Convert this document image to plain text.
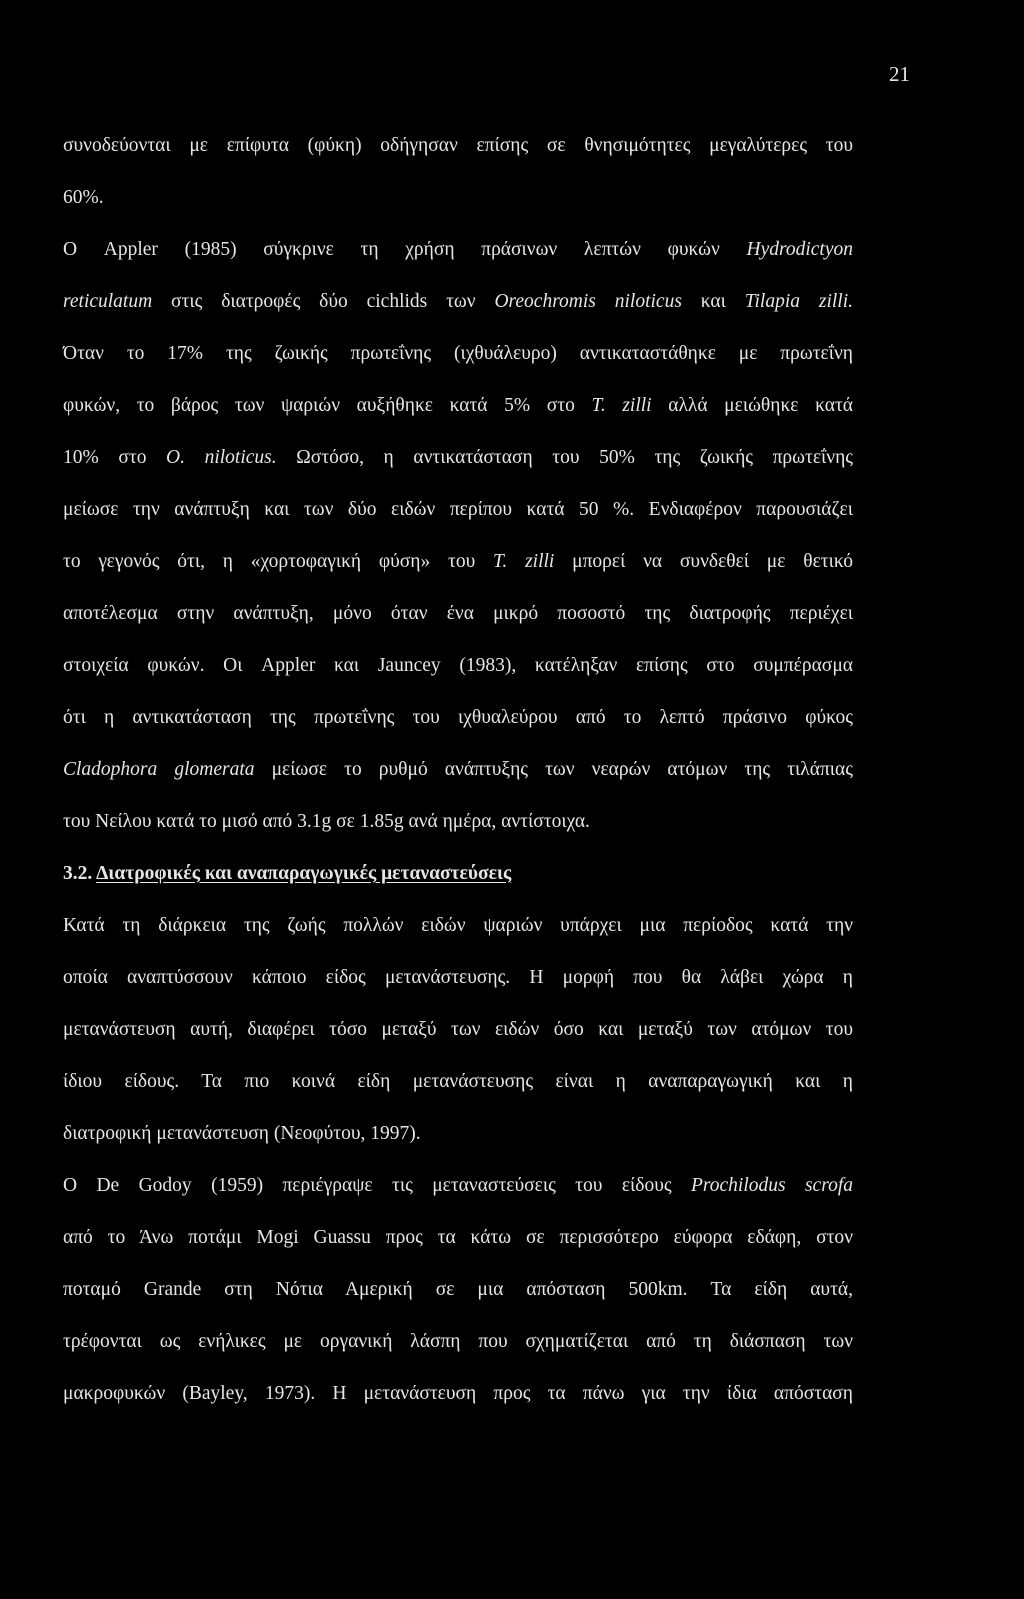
21
συνοδεύονται με επίφυτα (φύκη) οδήγησαν επίσης σε θνησιμότητες μεγαλύτερες του
60%.
Ο Appler (1985) σύγκρινε τη χρήση πράσινων λεπτών φυκών Hydrodictyon
reticulatum στις διατροφές δύο cichlids των Oreochromis niloticus και Tilapia zilli.
Όταν το 17% της ζωικής πρωτεΐνης (ιχθυάλευρο) αντικαταστάθηκε με πρωτεΐνη
φυκών, το βάρος των ψαριών αυξήθηκε κατά 5% στο Τ. zilli αλλά μειώθηκε κατά
10% στο O. niloticus. Ωστόσο, η αντικατάσταση του 50% της ζωικής πρωτεΐνης
μείωσε την ανάπτυξη και των δύο ειδών περίπου κατά 50 %. Ενδιαφέρον παρουσιάζει
το γεγονός ότι, η «χορτοφαγική φύση» του Τ. zilli μπορεί να συνδεθεί με θετικό
αποτέλεσμα στην ανάπτυξη, μόνο όταν ένα μικρό ποσοστό της διατροφής περιέχει
στοιχεία φυκών. Οι Appler και Jauncey (1983), κατέληξαν επίσης στο συμπέρασμα
ότι η αντικατάσταση της πρωτεΐνης του ιχθυαλεύρου από το λεπτό πράσινο φύκος
Cladophora glomerata μείωσε το ρυθμό ανάπτυξης των νεαρών ατόμων της τιλάπιας
του Νείλου κατά το μισό από 3.1g σε 1.85g ανά ημέρα, αντίστοιχα.
3.2. Διατροφικές και αναπαραγωγικές μεταναστεύσεις
Κατά τη διάρκεια της ζωής πολλών ειδών ψαριών υπάρχει μια περίοδος κατά την
οποία αναπτύσσουν κάποιο είδος μετανάστευσης. Η μορφή που θα λάβει χώρα η
μετανάστευση αυτή, διαφέρει τόσο μεταξύ των ειδών όσο και μεταξύ των ατόμων του
ίδιου είδους. Τα πιο κοινά είδη μετανάστευσης είναι η αναπαραγωγική και η
διατροφική μετανάστευση (Νεοφύτου, 1997).
Ο De Godoy (1959) περιέγραψε τις μεταναστεύσεις του είδους Prochilodus scrofa
από το Άνω ποτάμι Mogi Guassu προς τα κάτω σε περισσότερο εύφορα εδάφη, στον
ποταμό Grande στη Νότια Αμερική σε μια απόσταση 500km. Τα είδη αυτά,
τρέφονται ως ενήλικες με οργανική λάσπη που σχηματίζεται από τη διάσπαση των
μακροφυκών (Bayley, 1973). Η μετανάστευση προς τα πάνω για την ίδια απόσταση
